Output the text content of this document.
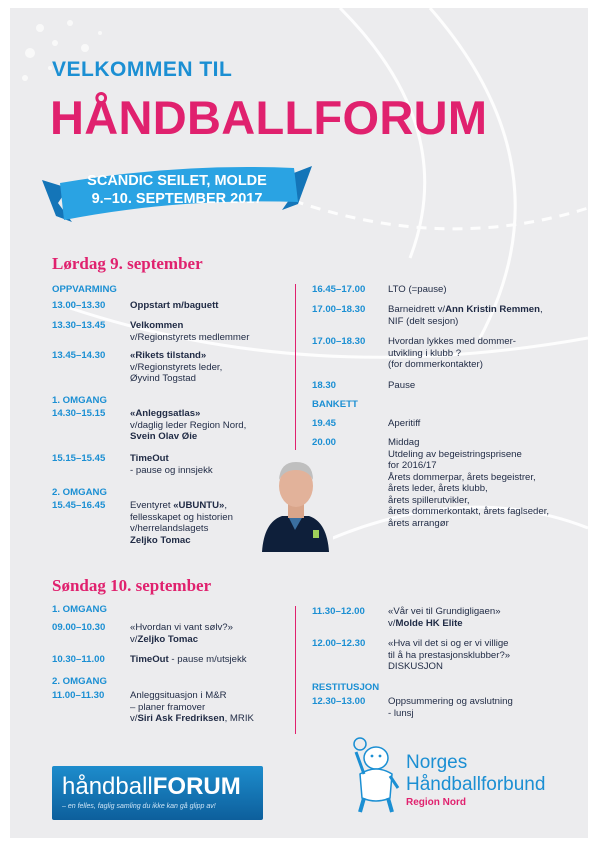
VELKOMMEN TIL
HÅNDBALLFORUM
SCANDIC SEILET, MOLDE
9.–10. SEPTEMBER 2017
Lørdag 9. september
OPPVARMING
13.00–13.30	Oppstart m/baguett
13.30–13.45	Velkommen
v/Regionstyrets medlemmer
13.45–14.30	«Rikets tilstand»
v/Regionstyrets leder,
Øyvind Togstad
1. OMGANG
14.30–15.15	«Anleggsatlas»
v/daglig leder Region Nord,
Svein Olav Øie
15.15–15.45	TimeOut
- pause og innsjekk
2. OMGANG
15.45–16.45	Eventyret «UBUNTU»,
fellesskapet og historien
v/herrelandslagets
Zeljko Tomac
16.45–17.00	LTO (=pause)
17.00–18.30	Barneidrett v/Ann Kristin Remmen,
NIF (delt sesjon)
17.00–18.30	Hvordan lykkes med dommer-
utvikling i klubb ?
(for dommerkontakter)
18.30	Pause
BANKETT
19.45	Aperitiff
20.00	Middag
Utdeling av begeistringsprisene
for 2016/17
Årets dommerpar, årets begeistrer,
årets leder, årets klubb,
årets spillerutvikler,
årets dommerkontakt, årets faglseder,
årets arrangør
Søndag 10. september
1. OMGANG
09.00–10.30	«Hvordan vi vant sølv?»
v/Zeljko Tomac
10.30–11.00	TimeOut - pause m/utsjekk
2. OMGANG
11.00–11.30	Anleggsituasjon i M&R
– planer framover
v/Siri Ask Fredriksen, MRIK
11.30–12.00	«Vår vei til Grundigligaen»
v/Molde HK Elite
12.00–12.30	«Hva vil det si og er vi villige
til å ha prestasjonsklubber?»
DISKUSJON
RESTITUSJON
12.30–13.00	Oppsummering og avslutning
- lunsj
håndballFORUM
– en felles, faglig samling du ikke kan gå glipp av!
Norges
Håndballforbund
Region Nord
